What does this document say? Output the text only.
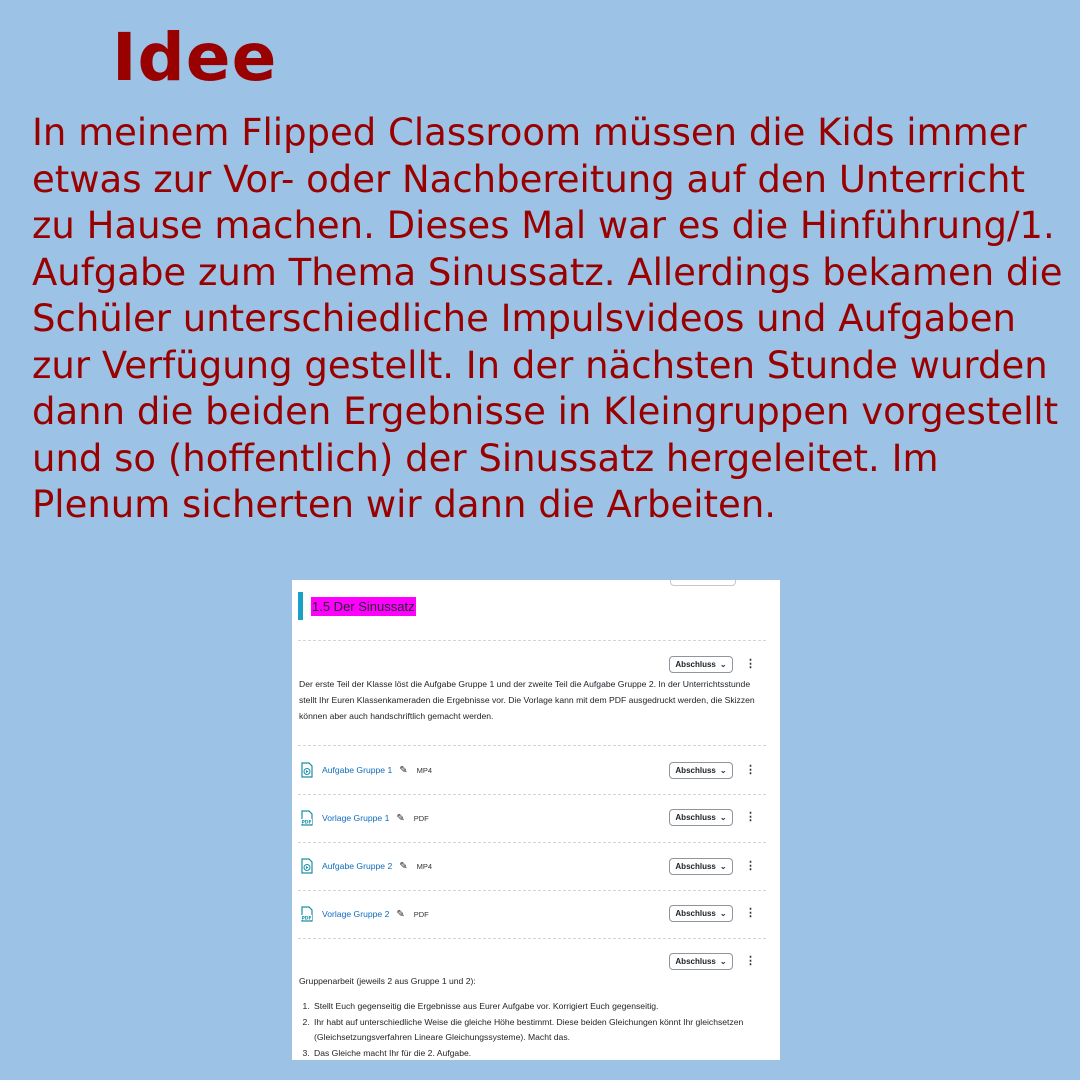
Idee
In meinem Flipped Classroom müssen die Kids immer etwas zur Vor- oder Nachbereitung auf den Unterricht zu Hause machen. Dieses Mal war es die Hinführung/1. Aufgabe zum Thema Sinussatz. Allerdings bekamen die Schüler unterschiedliche Impulsvideos und Aufgaben zur Verfügung gestellt. In der nächsten Stunde wurden dann die beiden Ergebnisse in Kleingruppen vorgestellt und so (hoffentlich) der Sinussatz hergeleitet. Im Plenum sicherten wir dann die Arbeiten.
1.5 Der Sinussatz
Abschluss ⌄ ⋮
Der erste Teil der Klasse löst die Aufgabe Gruppe 1 und der zweite Teil die Aufgabe Gruppe 2. In der Unterrichtsstunde stellt Ihr Euren Klassenkameraden die Ergebnisse vor. Die Vorlage kann mit dem PDF ausgedruckt werden, die Skizzen können aber auch handschriftlich gemacht werden.
Aufgabe Gruppe 1 ✎ MP4	Abschluss ⌄ ⋮
PDF Vorlage Gruppe 1 ✎ PDF	Abschluss ⌄ ⋮
Aufgabe Gruppe 2 ✎ MP4	Abschluss ⌄ ⋮
PDF Vorlage Gruppe 2 ✎ PDF	Abschluss ⌄ ⋮
Abschluss ⌄ ⋮
Gruppenarbeit (jeweils 2 aus Gruppe 1 und 2):
1. Stellt Euch gegenseitig die Ergebnisse aus Eurer Aufgabe vor. Korrigiert Euch gegenseitig.
2. Ihr habt auf unterschiedliche Weise die gleiche Höhe bestimmt. Diese beiden Gleichungen könnt Ihr gleichsetzen (Gleichsetzungsverfahren Lineare Gleichungssysteme). Macht das.
3. Das Gleiche macht Ihr für die 2. Aufgabe.
